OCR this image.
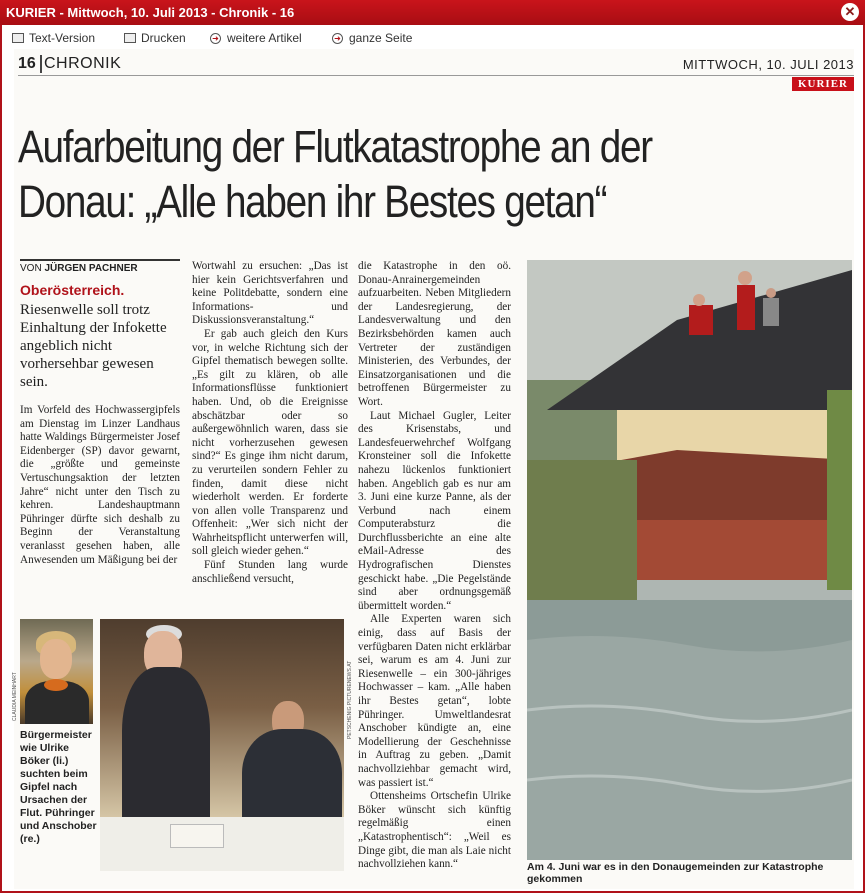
KURIER - Mittwoch, 10. Juli 2013 - Chronik - 16	✕
Text-Version	Drucken	➜ weitere Artikel	➜ ganze Seite
16 CHRONIK	MITTWOCH, 10. JULI 2013
KURIER
Aufarbeitung der Flutkatastrophe an der
Donau: „Alle haben ihr Bestes getan“
VON JÜRGEN PACHNER
Oberösterreich.
Riesenwelle soll trotz Einhaltung der Infokette angeblich nicht vorhersehbar gewesen sein.

Im Vorfeld des Hochwassergipfels am Dienstag im Linzer Landhaus hatte Waldings Bürgermeister Josef Eidenberger (SP) davor gewarnt, die „größte und gemeinste Vertuschungsaktion der letzten Jahre“ nicht unter den Tisch zu kehren. Landeshauptmann Pühringer dürfte sich deshalb zu Beginn der Veranstaltung veranlasst gesehen haben, alle Anwesenden um Mäßigung bei der

Wortwahl zu ersuchen: „Das ist hier kein Gerichtsverfahren und keine Politdebatte, sondern eine Informations- und Diskussionsveranstaltung.“

Er gab auch gleich den Kurs vor, in welche Richtung sich der Gipfel thematisch bewegen sollte. „Es gilt zu klären, ob alle Informationsflüsse funktioniert haben. Und, ob die Ereignisse abschätzbar oder so außergewöhnlich waren, dass sie nicht vorherzusehen gewesen sind?“ Es ginge ihm nicht darum, zu verurteilen sondern Fehler zu finden, damit diese nicht wiederholt werden. Er forderte von allen volle Transparenz und Offenheit: „Wer sich nicht der Wahrheitspflicht unterwerfen will, soll gleich wieder gehen.“

Fünf Stunden lang wurde anschließend versucht,

die Katastrophe in den oö. Donau-Anrainergemeinden aufzuarbeiten. Neben Mitgliedern der Landesregierung, der Landesverwaltung und den Bezirksbehörden kamen auch Vertreter der zuständigen Ministerien, des Verbundes, der Einsatzorganisationen und die betroffenen Bürgermeister zu Wort.

Laut Michael Gugler, Leiter des Krisenstabs, und Landesfeuerwehrchef Wolfgang Kronsteiner soll die Infokette nahezu lückenlos funktioniert haben. Angeblich gab es nur am 3. Juni eine kurze Panne, als der Verbund nach einem Computerabsturz die Durchflussberichte an eine alte eMail-Adresse des Hydrografischen Dienstes geschickt habe. „Die Pegelstände sind aber ordnungsgemäß übermittelt worden.“

Alle Experten waren sich einig, dass auf Basis der verfügbaren Daten nicht erklärbar sei, warum es am 4. Juni zur Riesenwelle – ein 300-jähriges Hochwasser – kam. „Alle haben ihr Bestes getan“, lobte Pühringer. Umweltlandesrat Anschober kündigte an, eine Modellierung der Geschehnisse in Auftrag zu geben. „Damit nachvollziehbar gemacht wird, was passiert ist.“

Ottensheims Ortschefin Ulrike Böker wünscht sich künftig regelmäßig einen „Katastrophentisch“: „Weil es Dinge gibt, die man als Laie nicht nachvollziehen kann.“

CLAUDIA MEINHART
Bürgermeister wie Ulrike Böker (li.) suchten beim Gipfel nach Ursachen der Flut. Pühringer und Anschober (re.)
PETSCHENIG PICTURENEWS.AT
Am 4. Juni war es in den Donaugemeinden zur Katastrophe gekommen
